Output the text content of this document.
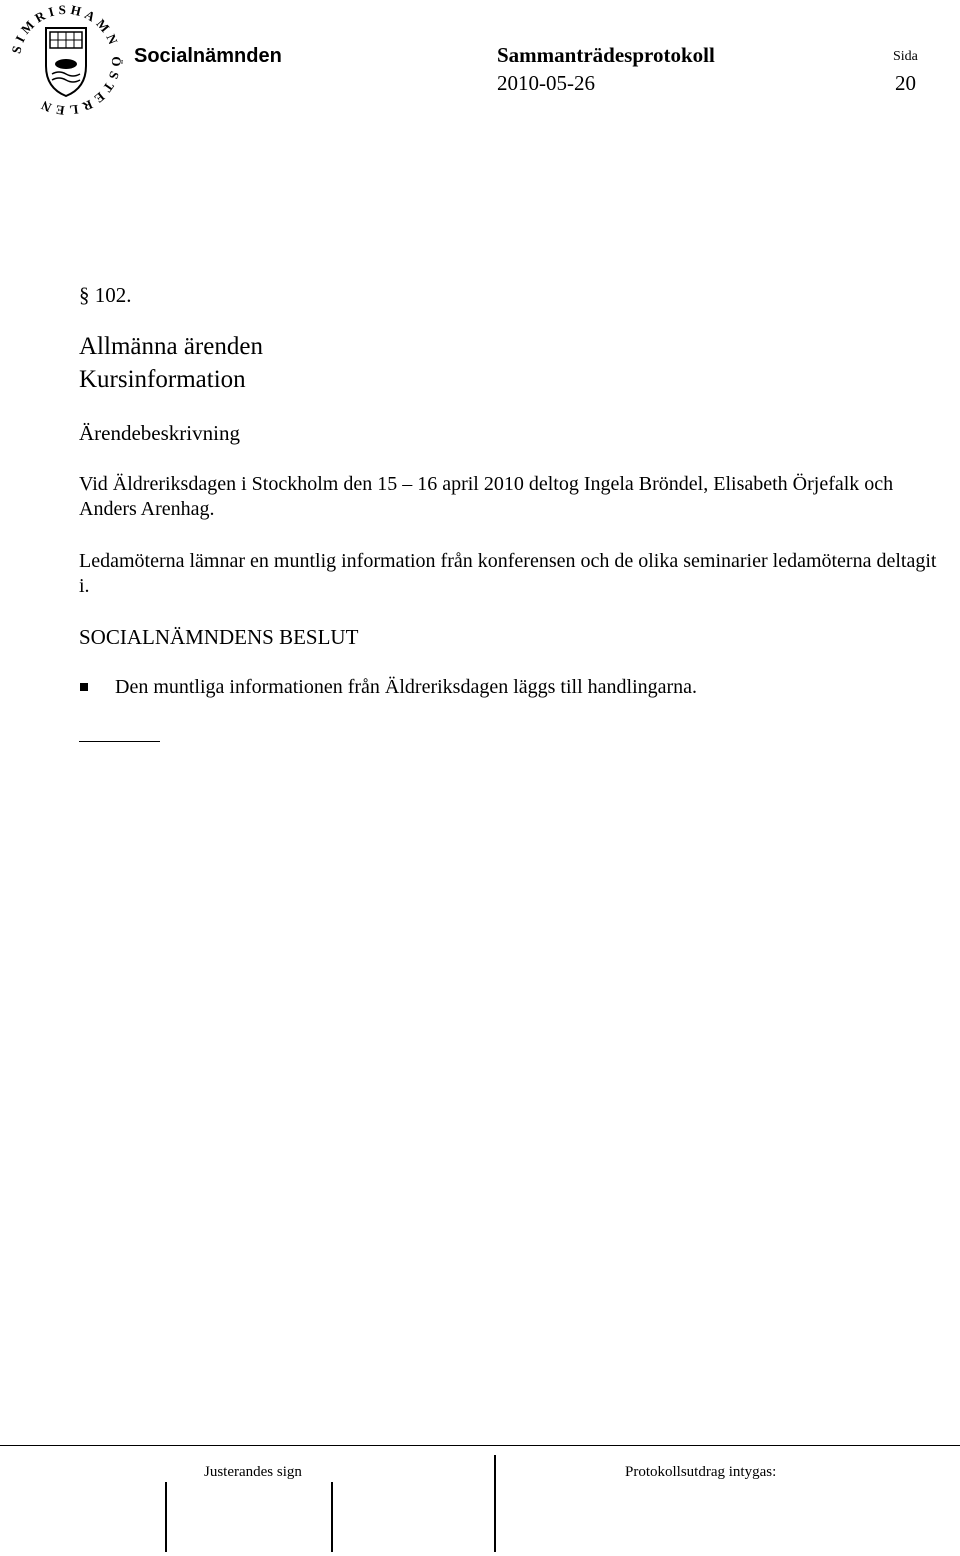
SIMRISHAMN ÖSTERLEN
Socialnämnden	Sammanträdesprotokoll
2010-05-26
Sida
20
§ 102.
Allmänna ärenden
Kursinformation
Ärendebeskrivning
Vid Äldreriksdagen i Stockholm den 15 – 16 april 2010 deltog Ingela Bröndel, Elisabeth Örjefalk och Anders Arenhag.
Ledamöterna lämnar en muntlig information från konferensen och de olika seminarier ledamöterna deltagit i.
SOCIALNÄMNDENS BESLUT
Den muntliga informationen från Äldreriksdagen läggs till handlingarna.
Justerandes sign	Protokollsutdrag intygas:
